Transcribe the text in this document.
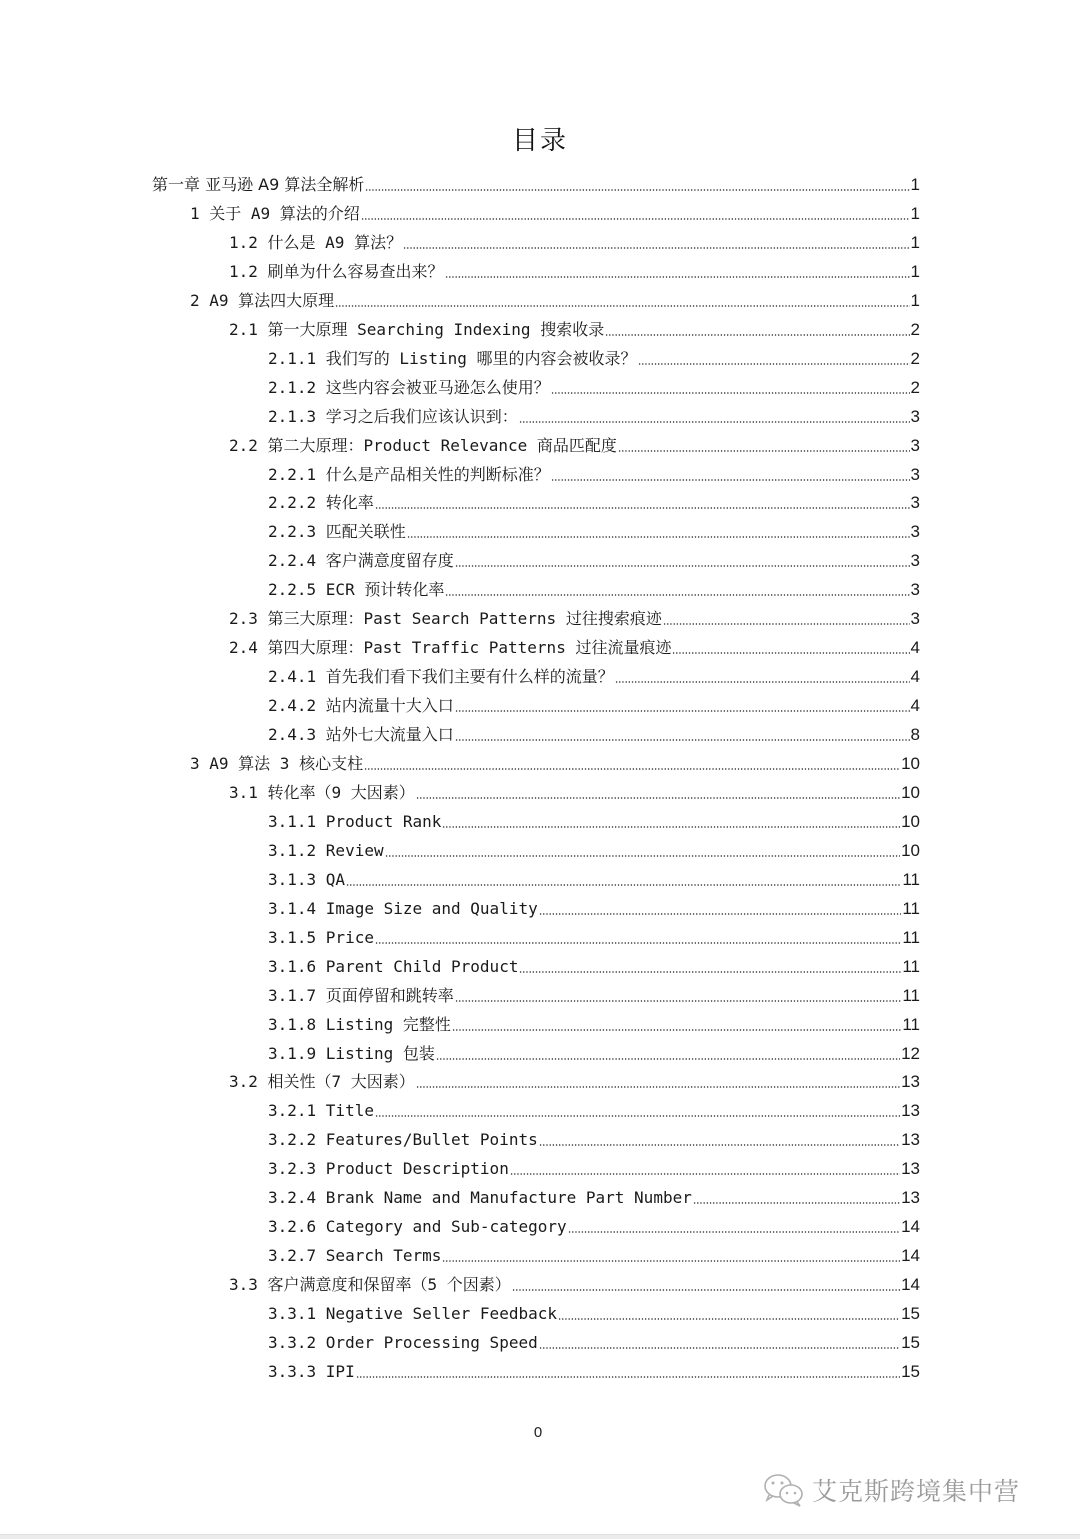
目录
第一章 亚马逊 A9 算法全解析	1
1 关于 A9 算法的介绍	1
1.2 什么是 A9 算法？	1
1.2 刷单为什么容易查出来？	1
2 A9 算法四大原理	1
2.1 第一大原理 Searching Indexing 搜索收录	2
2.1.1 我们写的 Listing 哪里的内容会被收录？	2
2.1.2 这些内容会被亚马逊怎么使用？	2
2.1.3 学习之后我们应该认识到：	3
2.2 第二大原理：Product Relevance 商品匹配度	3
2.2.1 什么是产品相关性的判断标准？	3
2.2.2 转化率	3
2.2.3 匹配关联性	3
2.2.4 客户满意度留存度	3
2.2.5 ECR 预计转化率	3
2.3 第三大原理：Past Search Patterns 过往搜索痕迹	3
2.4 第四大原理：Past Traffic Patterns 过往流量痕迹	4
2.4.1 首先我们看下我们主要有什么样的流量？	4
2.4.2 站内流量十大入口	4
2.4.3 站外七大流量入口	8
3 A9 算法 3 核心支柱	10
3.1 转化率（9 大因素）	10
3.1.1 Product Rank	10
3.1.2 Review	10
3.1.3 QA	11
3.1.4 Image Size and Quality	11
3.1.5 Price	11
3.1.6 Parent Child Product	11
3.1.7 页面停留和跳转率	11
3.1.8 Listing 完整性	11
3.1.9 Listing 包装	12
3.2 相关性（7 大因素）	13
3.2.1 Title	13
3.2.2 Features/Bullet Points	13
3.2.3 Product Description	13
3.2.4 Brank Name and Manufacture Part Number	13
3.2.6 Category and Sub-category	14
3.2.7 Search Terms	14
3.3 客户满意度和保留率（5 个因素）	14
3.3.1 Negative Seller Feedback	15
3.3.2 Order Processing Speed	15
3.3.3 IPI	15
0
艾克斯跨境集中营
